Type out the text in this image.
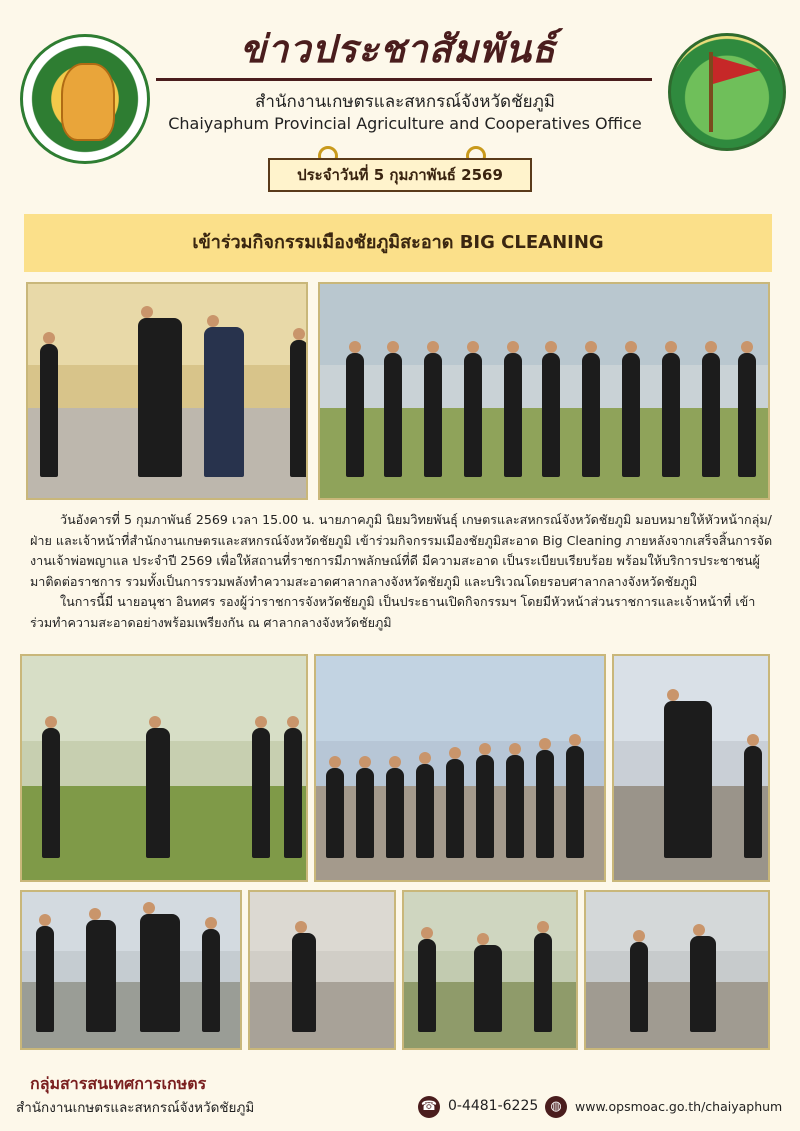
ข่าวประชาสัมพันธ์
สำนักงานเกษตรและสหกรณ์จังหวัดชัยภูมิ
Chaiyaphum Provincial Agriculture and Cooperatives Office
ประจำวันที่ 5 กุมภาพันธ์ 2569
เข้าร่วมกิจกรรมเมืองชัยภูมิสะอาด BIG CLEANING

วันอังคารที่ 5 กุมภาพันธ์ 2569 เวลา 15.00 น. นายภาคภูมิ นิยมวิทยพันธุ์ เกษตรและสหกรณ์จังหวัดชัยภูมิ มอบหมายให้หัวหน้ากลุ่ม/ฝ่าย และเจ้าหน้าที่สำนักงานเกษตรและสหกรณ์จังหวัดชัยภูมิ เข้าร่วมกิจกรรมเมืองชัยภูมิสะอาด Big Cleaning ภายหลังจากเสร็จสิ้นการจัดงานเจ้าพ่อพญาแล ประจำปี 2569 เพื่อให้สถานที่ราชการมีภาพลักษณ์ที่ดี มีความสะอาด เป็นระเบียบเรียบร้อย พร้อมให้บริการประชาชนผู้มาติดต่อราชการ รวมทั้งเป็นการรวมพลังทำความสะอาดศาลากลางจังหวัดชัยภูมิ และบริเวณโดยรอบศาลากลางจังหวัดชัยภูมิ

ในการนี้มี นายอนุชา อินทศร รองผู้ว่าราชการจังหวัดชัยภูมิ เป็นประธานเปิดกิจกรรมฯ โดยมีหัวหน้าส่วนราชการและเจ้าหน้าที่ เข้าร่วมทำความสะอาดอย่างพร้อมเพรียงกัน ณ ศาลากลางจังหวัดชัยภูมิ

กลุ่มสารสนเทศการเกษตร
สำนักงานเกษตรและสหกรณ์จังหวัดชัยภูมิ	☎ 0-4481-6225 ◍	www.opsmoac.go.th/chaiyaphum
